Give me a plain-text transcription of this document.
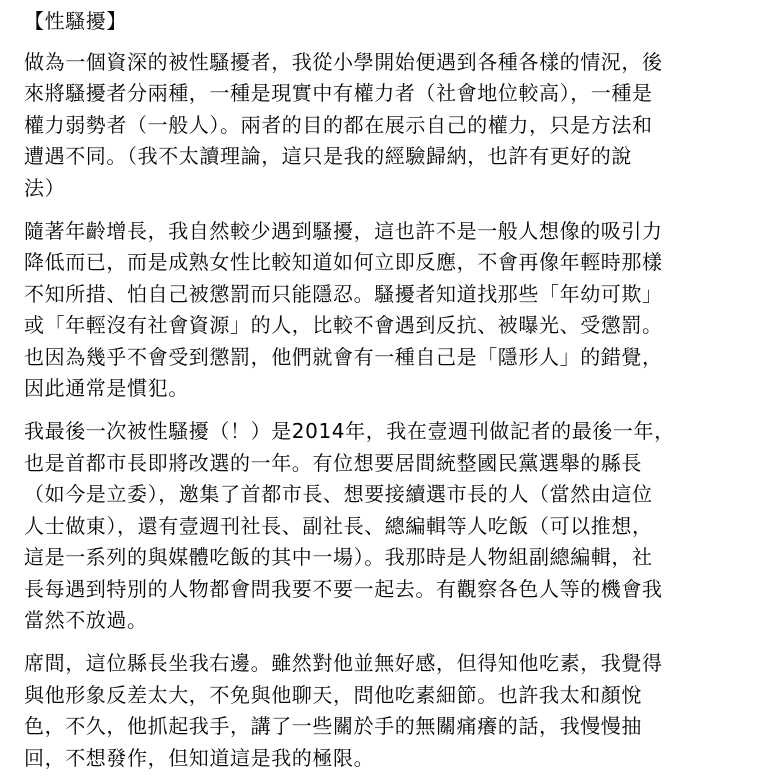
【性騷擾】
做為一個資深的被性騷擾者，我從小學開始便遇到各種各樣的情況，後
來將騷擾者分兩種，一種是現實中有權力者（社會地位較高），一種是
權力弱勢者（一般人）。兩者的目的都在展示自己的權力，只是方法和
遭遇不同。（我不太讀理論，這只是我的經驗歸納，也許有更好的說
法）
隨著年齡增長，我自然較少遇到騷擾，這也許不是一般人想像的吸引力
降低而已，而是成熟女性比較知道如何立即反應，不會再像年輕時那樣
不知所措、怕自己被懲罰而只能隱忍。騷擾者知道找那些「年幼可欺」
或「年輕沒有社會資源」的人，比較不會遇到反抗、被曝光、受懲罰。
也因為幾乎不會受到懲罰，他們就會有一種自己是「隱形人」的錯覺，
因此通常是慣犯。
我最後一次被性騷擾（！）是2014年，我在壹週刊做記者的最後一年，
也是首都市長即將改選的一年。有位想要居間統整國民黨選舉的縣長
（如今是立委），邀集了首都市長、想要接續選市長的人（當然由這位
人士做東），還有壹週刊社長、副社長、總編輯等人吃飯（可以推想，
這是一系列的與媒體吃飯的其中一場）。我那時是人物組副總編輯，社
長每遇到特別的人物都會問我要不要一起去。有觀察各色人等的機會我
當然不放過。
席間，這位縣長坐我右邊。雖然對他並無好感，但得知他吃素，我覺得
與他形象反差太大，不免與他聊天，問他吃素細節。也許我太和顏悅
色，不久，他抓起我手，講了一些關於手的無關痛癢的話，我慢慢抽
回，不想發作，但知道這是我的極限。
